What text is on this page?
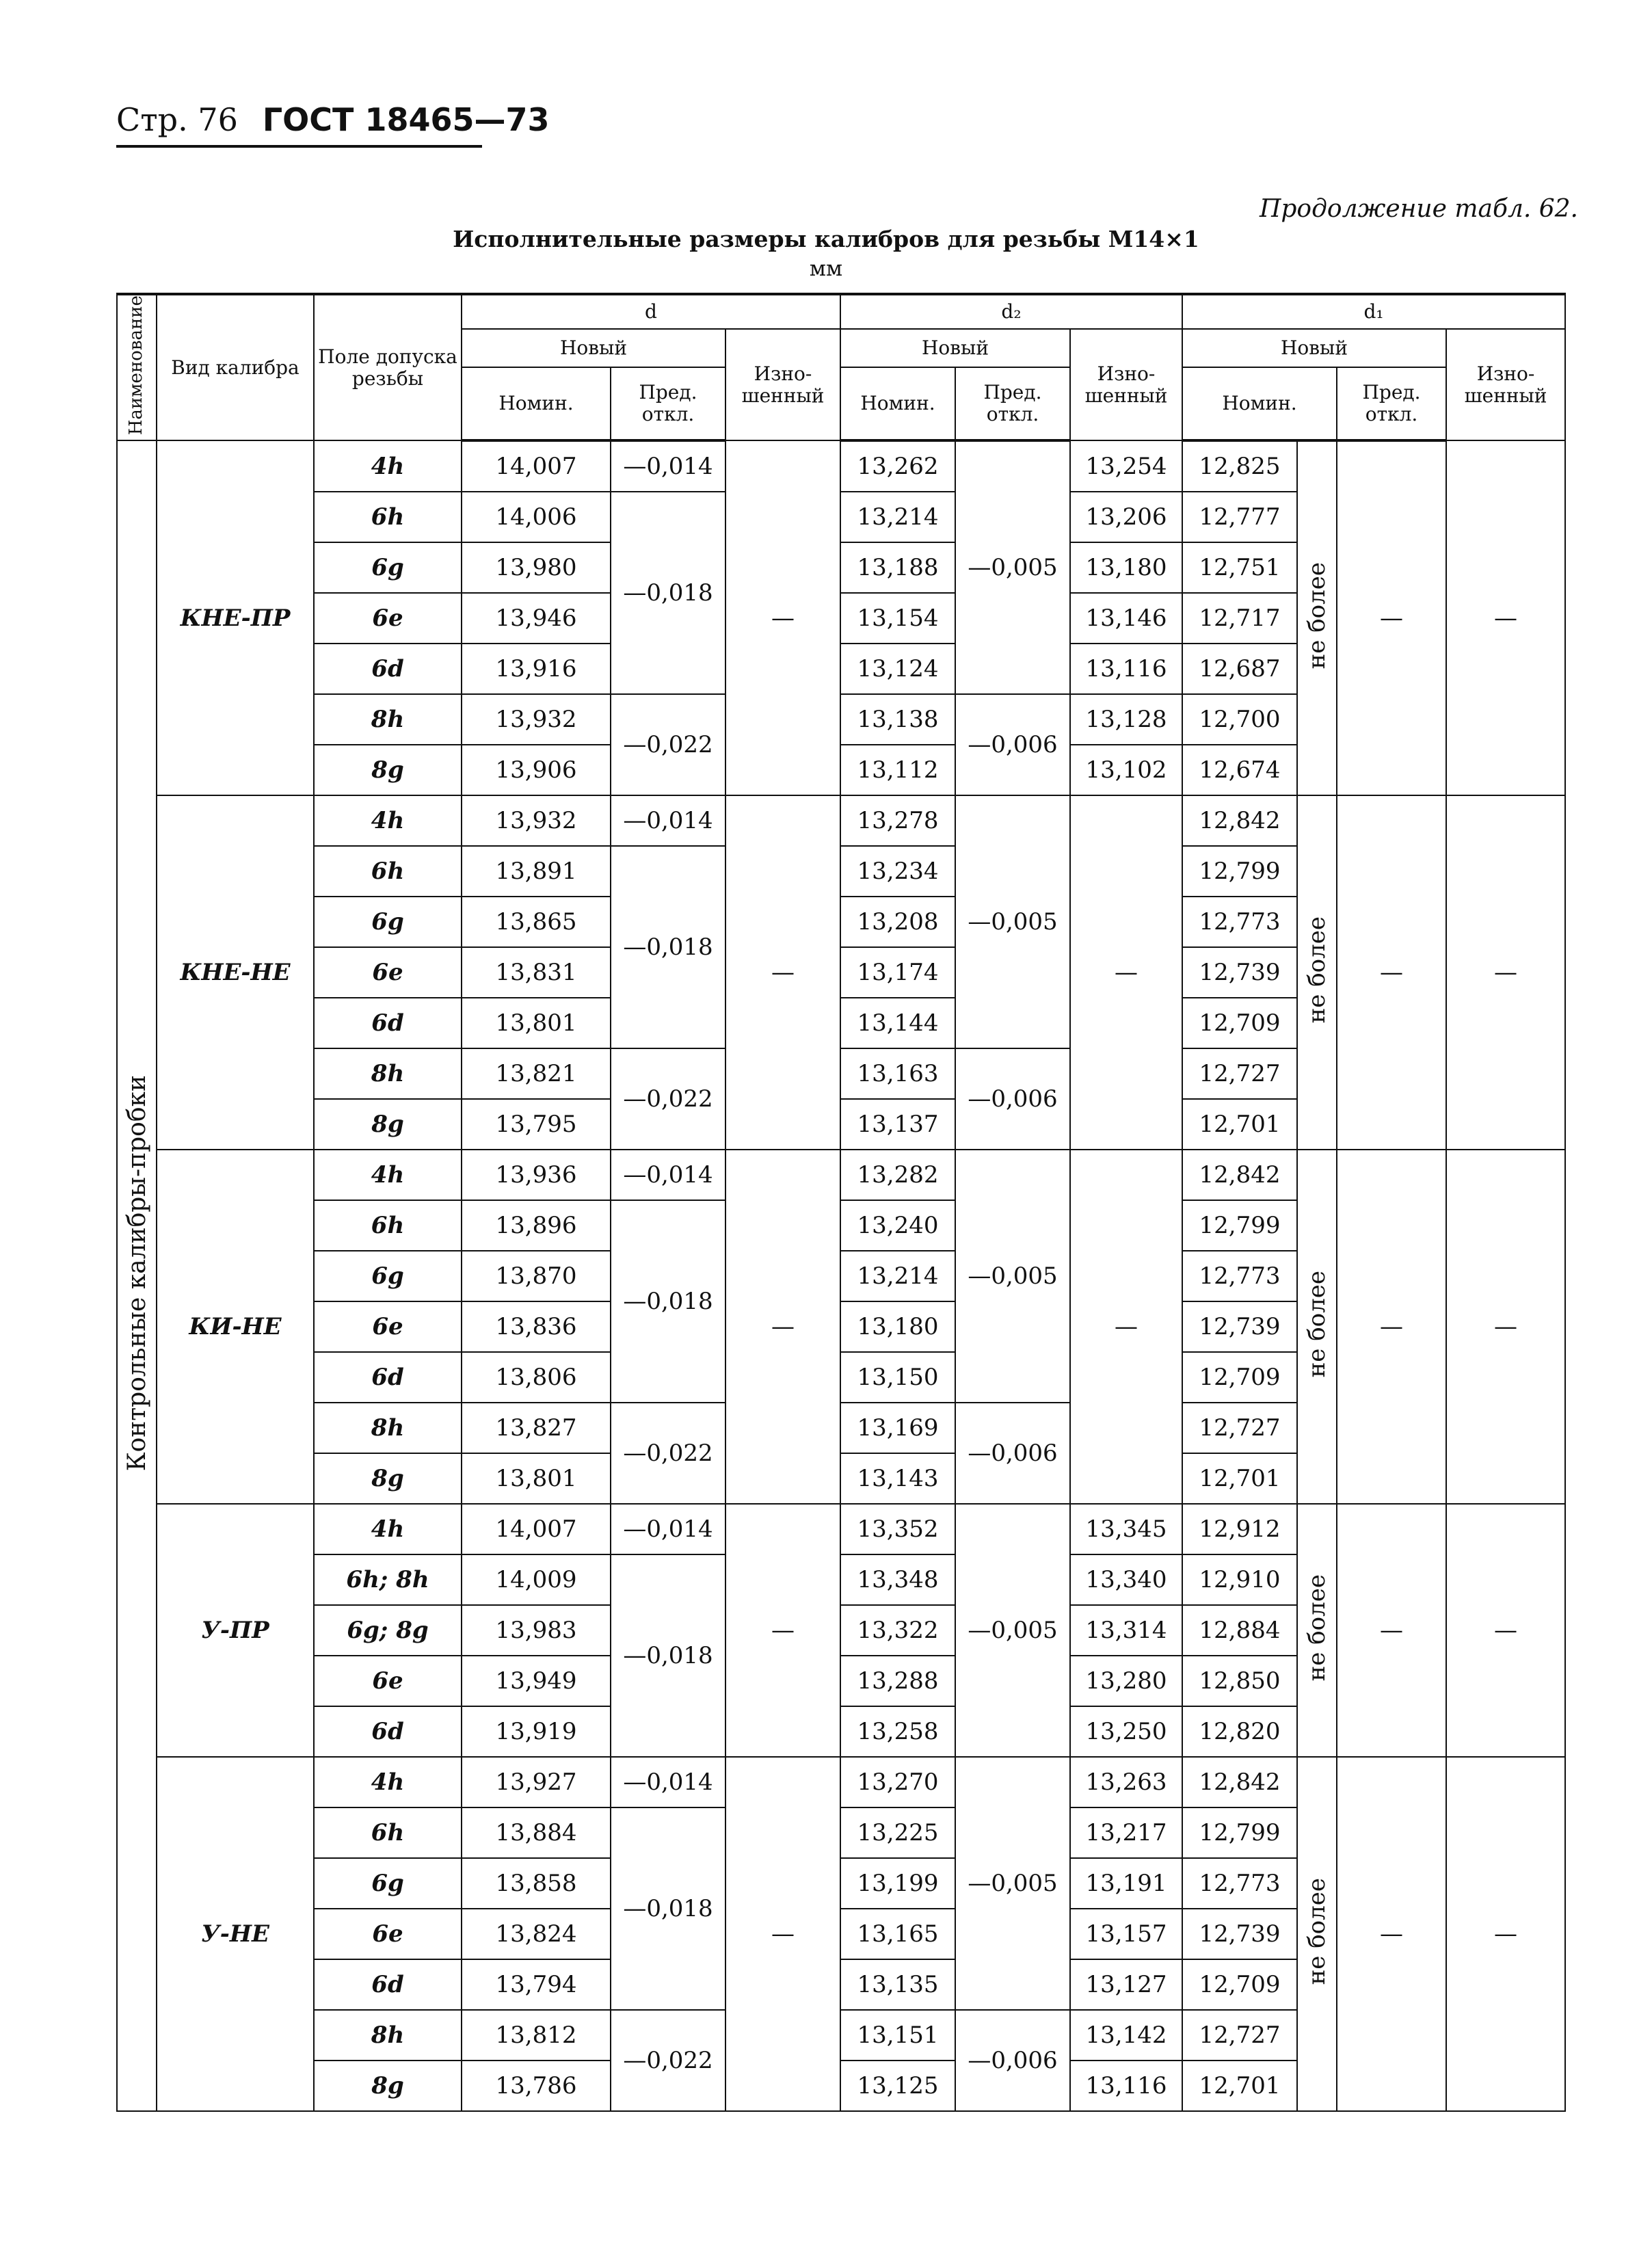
Стр. 76 ГОСТ 18465—73
Продолжение табл. 62.
Исполнительные размеры калибров для резьбы M14×1
мм
Наименование	Вид калибра	Поле допуска резьбы	d			d₂			d₁			
			Новый		Изно-шенный	Новый		Изно-шенный	Новый			Изно-шенный
			Номин.	Пред. откл.		Номин.	Пред. откл.		Номин.		Пред. откл.	
Контрольные калибры-пробки	КНЕ-ПР	4h	14,007	—0,014	—	13,262	—0,005	13,254	12,825	не более	—	—
		6h	14,006	—0,018		13,214		13,206	12,777			
		6g	13,980			13,188		13,180	12,751			
		6e	13,946			13,154		13,146	12,717			
		6d	13,916			13,124		13,116	12,687			
		8h	13,932	—0,022		13,138	—0,006	13,128	12,700			
		8g	13,906			13,112		13,102	12,674			
	КНЕ-НЕ	4h	13,932	—0,014	—	13,278	—0,005	—	12,842	не более	—	—
		6h	13,891	—0,018		13,234			12,799			
		6g	13,865			13,208			12,773			
		6e	13,831			13,174			12,739			
		6d	13,801			13,144			12,709			
		8h	13,821	—0,022		13,163	—0,006		12,727			
		8g	13,795			13,137			12,701			
	КИ-НЕ	4h	13,936	—0,014	—	13,282	—0,005	—	12,842	не более	—	—
		6h	13,896	—0,018		13,240			12,799			
		6g	13,870			13,214			12,773			
		6e	13,836			13,180			12,739			
		6d	13,806			13,150			12,709			
		8h	13,827	—0,022		13,169	—0,006		12,727			
		8g	13,801			13,143			12,701			
	У-ПР	4h	14,007	—0,014	—	13,352	—0,005	13,345	12,912	не более	—	—
		6h; 8h	14,009	—0,018		13,348		13,340	12,910			
		6g; 8g	13,983			13,322		13,314	12,884			
		6e	13,949			13,288		13,280	12,850			
		6d	13,919			13,258		13,250	12,820			
	У-НЕ	4h	13,927	—0,014	—	13,270	—0,005	13,263	12,842	не более	—	—
		6h	13,884	—0,018		13,225		13,217	12,799			
		6g	13,858			13,199		13,191	12,773			
		6e	13,824			13,165		13,157	12,739			
		6d	13,794			13,135		13,127	12,709			
		8h	13,812	—0,022		13,151	—0,006	13,142	12,727			
		8g	13,786			13,125		13,116	12,701			
